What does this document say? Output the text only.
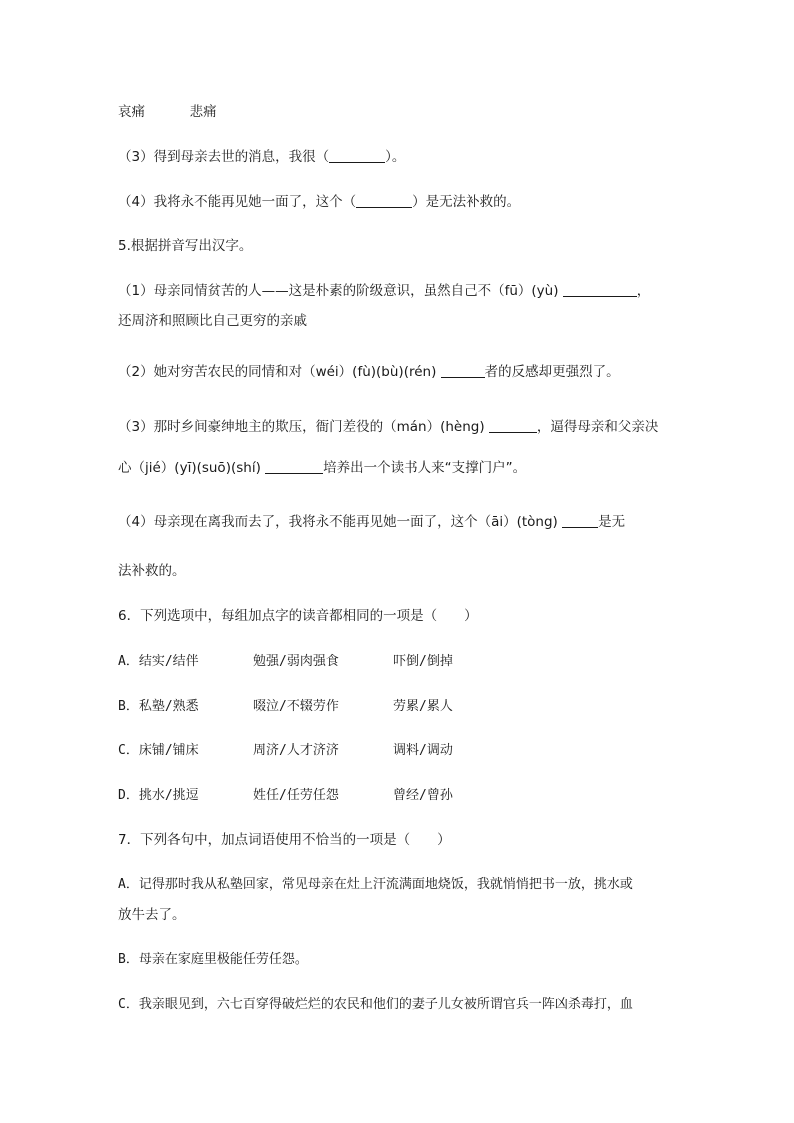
哀痛	悲痛
（3）得到母亲去世的消息，我很（	）。
（4）我将永不能再见她一面了，这个（	）是无法补救的。
5.根据拼音写出汉字。
（1）母亲同情贫苦的人——这是朴素的阶级意识，虽然自己不（fū）(yù)	，
还周济和照顾比自己更穷的亲戚
（2）她对穷苦农民的同情和对（wéi）(fù)(bù)(rén)	者的反感却更强烈了。
（3）那时乡间豪绅地主的欺压，衙门差役的（mán）(hèng)	，逼得母亲和父亲决
心（jié）(yī)(suō)(shí)	培养出一个读书人来“支撑门户”。
（4）母亲现在离我而去了，我将永不能再见她一面了，这个（āi）(tòng)	是无
法补救的。
6．下列选项中，每组加点字的读音都相同的一项是（　　）
A．结实/结伴	勉强/弱肉强食	吓倒/倒掉
B．私塾/熟悉	啜泣/不辍劳作	劳累/累人
C．床铺/铺床	周济/人才济济	调料/调动
D．挑水/挑逗	姓任/任劳任怨	曾经/曾孙
7．下列各句中，加点词语使用不恰当的一项是（　　）
A．记得那时我从私塾回家，常见母亲在灶上汗流满面地烧饭，我就悄悄把书一放，挑水或
放牛去了。
B．母亲在家庭里极能任劳任怨。
C．我亲眼见到，六七百穿得破烂烂的农民和他们的妻子儿女被所谓官兵一阵凶杀毒打，血
